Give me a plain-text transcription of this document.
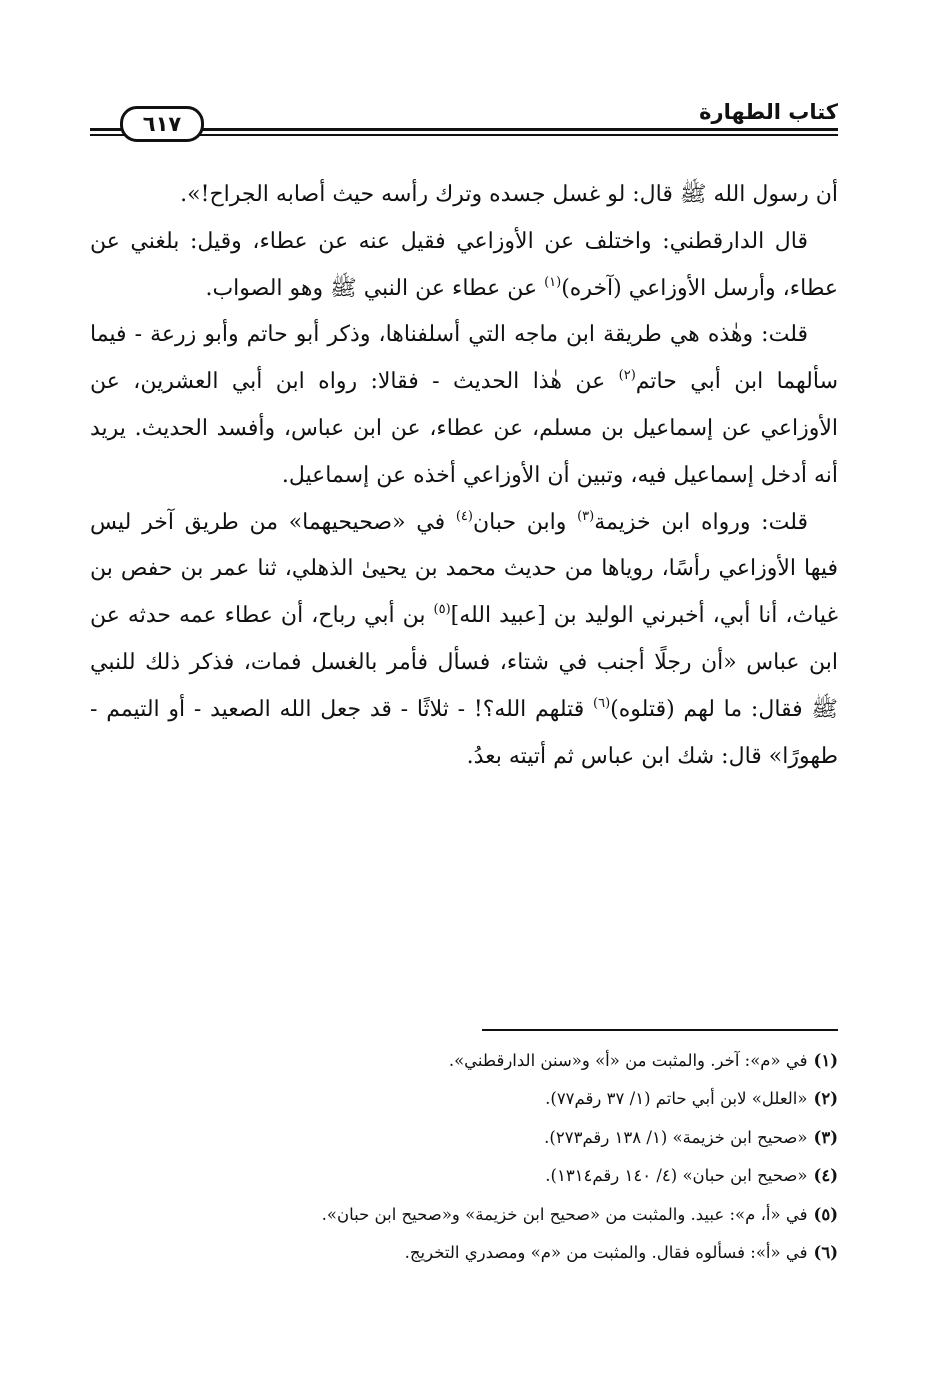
كتاب الطهارة
٦١٧

أن رسول الله ﷺ قال: لو غسل جسده وترك رأسه حيث أصابه الجراح!».

قال الدارقطني: واختلف عن الأوزاعي فقيل عنه عن عطاء، وقيل: بلغني عن عطاء، وأرسل الأوزاعي (آخره)$^{(١)}$ عن عطاء عن النبي ﷺ وهو الصواب.

قلت: وهٰذه هي طريقة ابن ماجه التي أسلفناها، وذكر أبو حاتم وأبو زرعة - فيما سألهما ابن أبي حاتم$^{(٢)}$ عن هٰذا الحديث - فقالا: رواه ابن أبي العشرين، عن الأوزاعي عن إسماعيل بن مسلم، عن عطاء، عن ابن عباس، وأفسد الحديث. يريد أنه أدخل إسماعيل فيه، وتبين أن الأوزاعي أخذه عن إسماعيل.

قلت: ورواه ابن خزيمة$^{(٣)}$ وابن حبان$^{(٤)}$ في «صحيحيهما» من طريق آخر ليس فيها الأوزاعي رأسًا، روياها من حديث محمد بن يحيىٰ الذهلي، ثنا عمر بن حفص بن غياث، أنا أبي، أخبرني الوليد بن [عبيد الله]$^{(٥)}$ بن أبي رباح، أن عطاء عمه حدثه عن ابن عباس «أن رجلًا أجنب في شتاء، فسأل فأمر بالغسل فمات، فذكر ذلك للنبي ﷺ فقال: ما لهم (قتلوه)$^{(٦)}$ قتلهم الله؟! - ثلاثًا - قد جعل الله الصعيد - أو التيمم - طهورًا» قال: شك ابن عباس ثم أتيته بعدُ.

(١)في «م»: آخر. والمثبت من «أ» و«سنن الدارقطني».
(٢)«العلل» لابن أبي حاتم (١/ ٣٧ رقم٧٧).
(٣)«صحيح ابن خزيمة» (١/ ١٣٨ رقم٢٧٣).
(٤)«صحيح ابن حبان» (٤/ ١٤٠ رقم١٣١٤).
(٥)في «أ، م»: عبيد. والمثبت من «صحيح ابن خزيمة» و«صحيح ابن حبان».
(٦)في «أ»: فسألوه فقال. والمثبت من «م» ومصدري التخريج.
